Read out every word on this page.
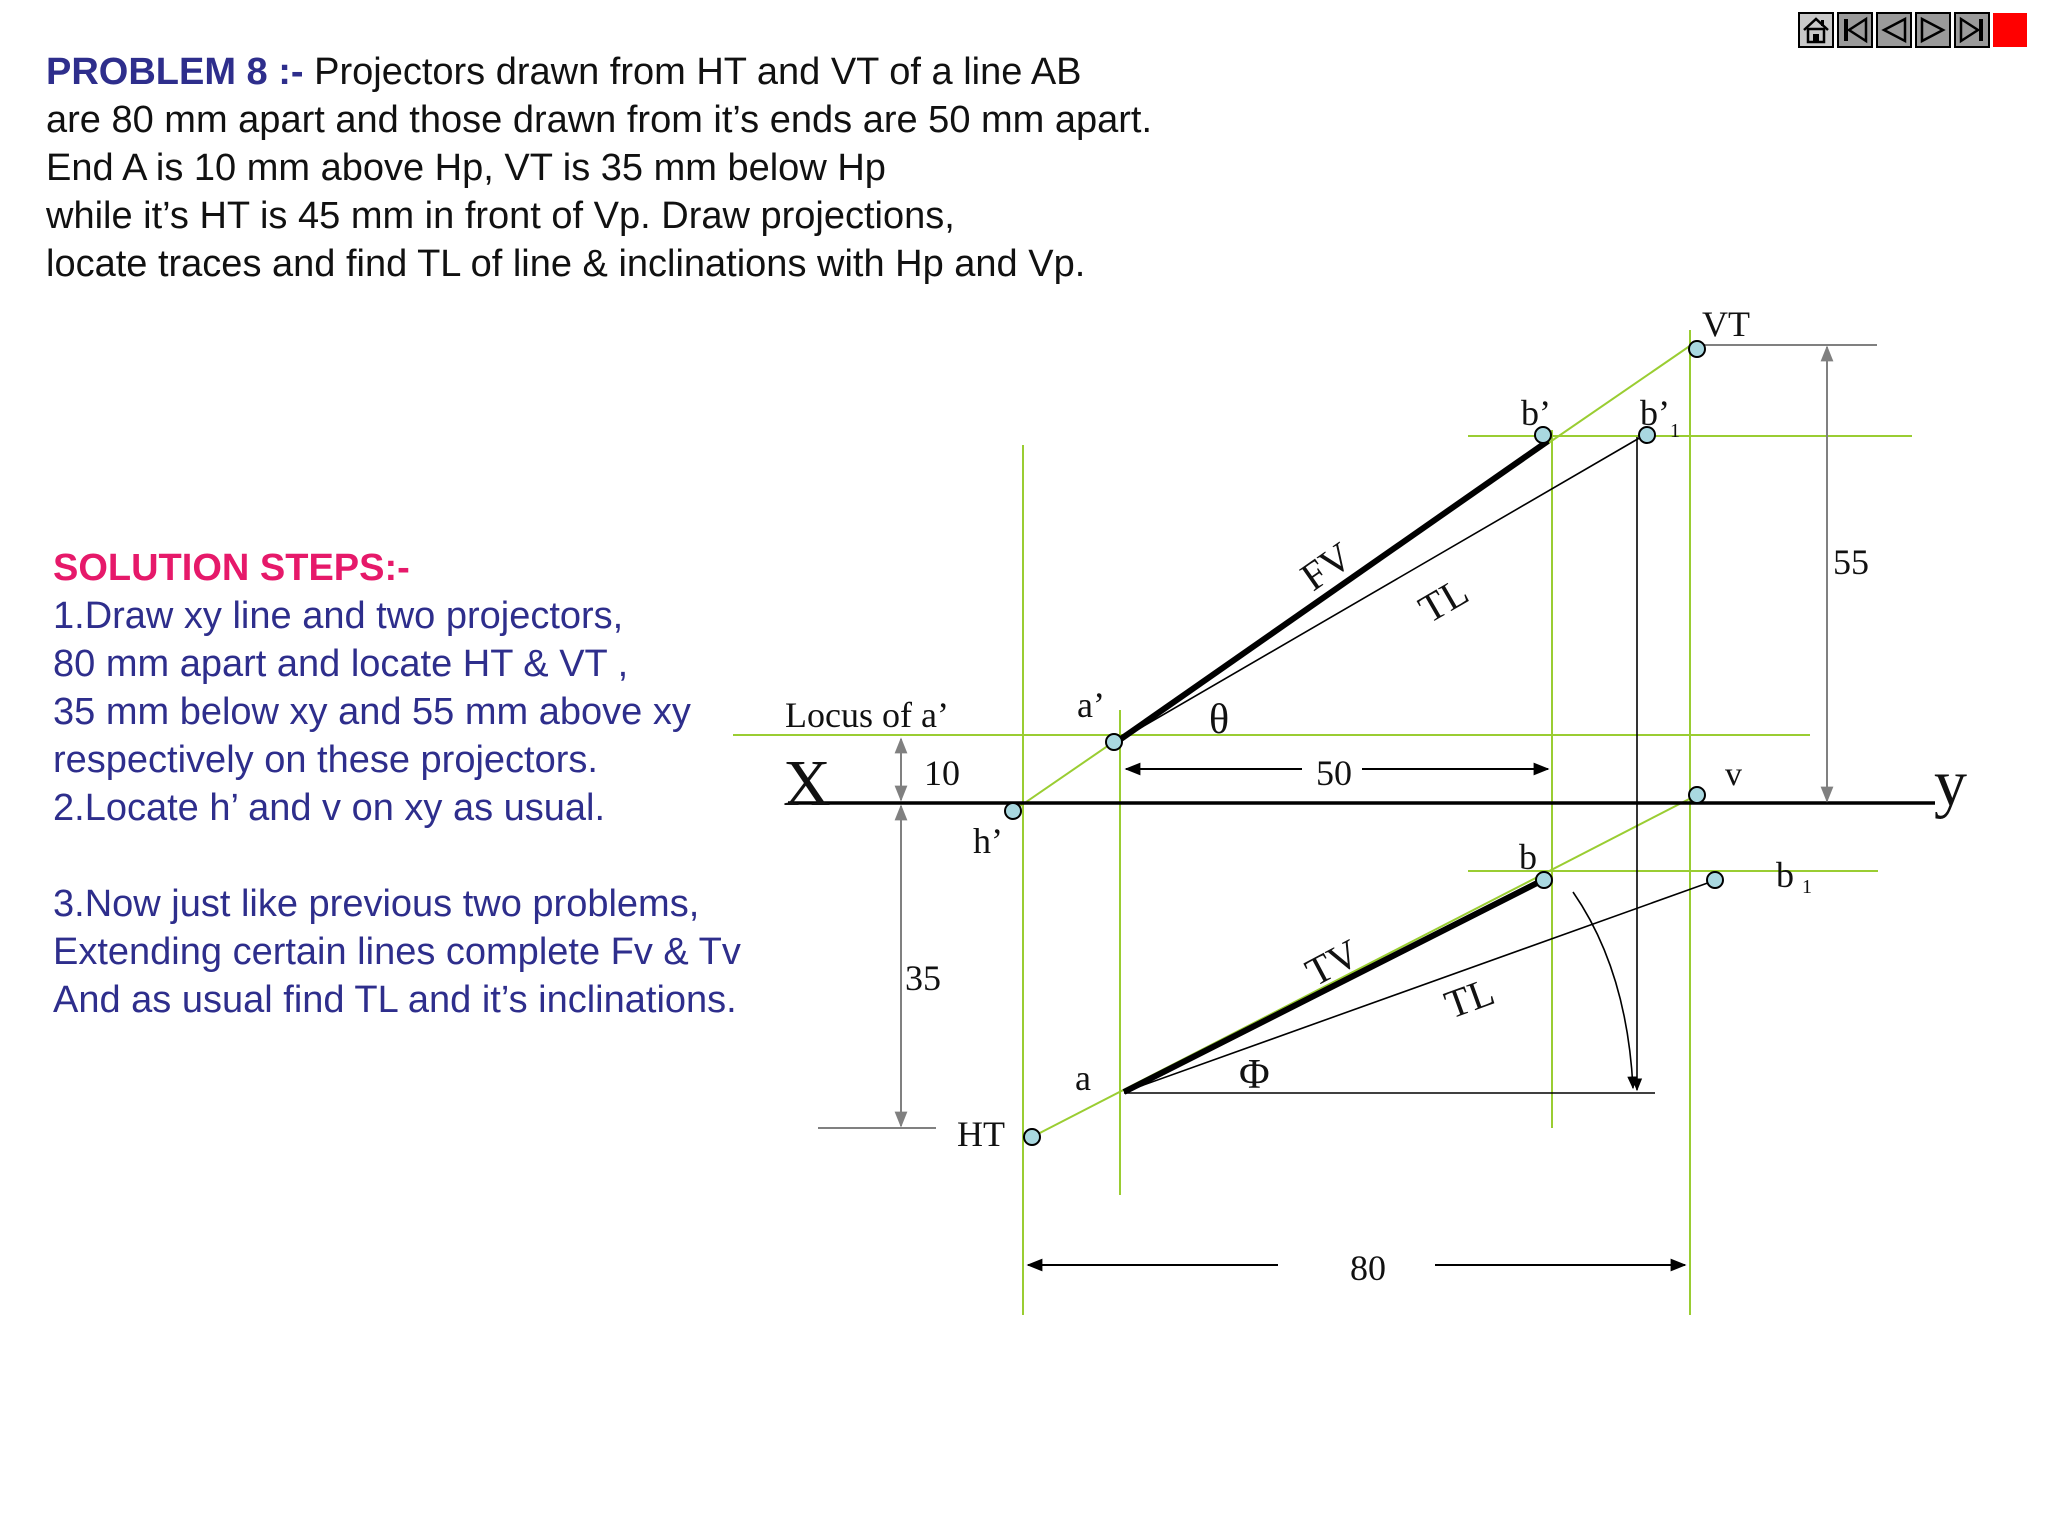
PROBLEM 8 :- Projectors drawn from HT and VT of a line AB
are 80 mm apart and those drawn from it’s ends are 50 mm apart.
End A is 10 mm above Hp, VT is 35 mm below Hp
while it’s HT is 45 mm in front of Vp. Draw projections,
locate traces and find TL of line & inclinations with Hp and Vp.
SOLUTION STEPS:-
1.Draw xy line and two projectors,
80 mm apart and locate HT & VT ,
35 mm below xy and 55 mm above xy
respectively on these projectors.
2.Locate h’ and v on xy as usual.
3.Now just like previous two problems,
Extending certain lines complete Fv & Tv
And as usual find TL and it’s inclinations.
X	y
VT
HT
b’ $b’_1$
a’
h’
v
b	b 1
a
Locus of a’
FV
TV
TL
TL
θ
Φ
10
35
50
55
80
